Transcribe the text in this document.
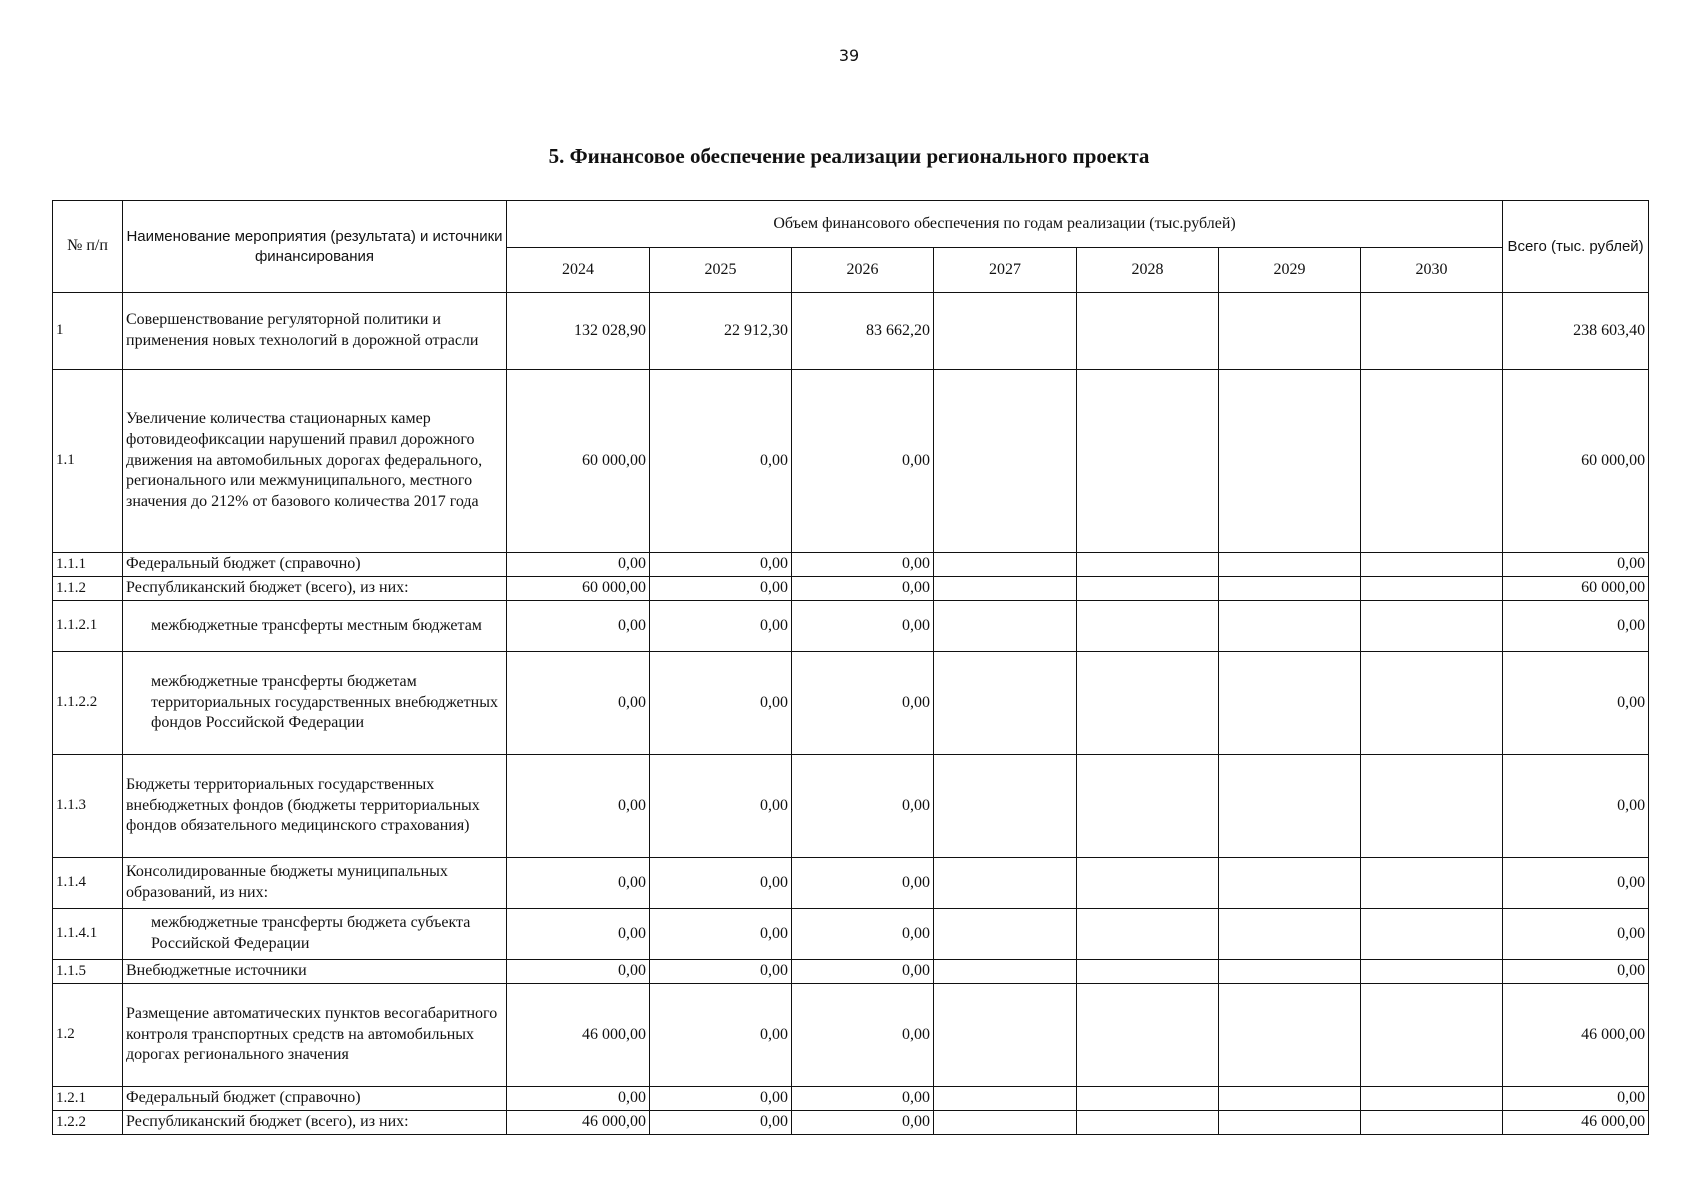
39
5. Финансовое обеспечение реализации регионального проекта
№ п/п	Наименование мероприятия (результата) и источники финансирования	Объем финансового обеспечения по годам реализации (тыс.рублей)							Всего (тыс. рублей)
		2024	2025	2026	2027	2028	2029	2030	
1	Совершенствование регуляторной политики и применения новых технологий в дорожной отрасли	132 028,90	22 912,30	83 662,20					238 603,40
1.1	Увеличение количества стационарных камер фотовидеофиксации нарушений правил дорожного движения на автомобильных дорогах федерального, регионального или межмуниципального, местного значения до 212% от базового количества 2017 года	60 000,00	0,00	0,00					60 000,00
1.1.1	Федеральный бюджет (справочно)	0,00	0,00	0,00					0,00
1.1.2	Республиканский бюджет (всего), из них:	60 000,00	0,00	0,00					60 000,00
1.1.2.1	межбюджетные трансферты местным бюджетам	0,00	0,00	0,00					0,00
1.1.2.2	межбюджетные трансферты бюджетам территориальных государственных внебюджетных фондов Российской Федерации	0,00	0,00	0,00					0,00
1.1.3	Бюджеты территориальных государственных внебюджетных фондов (бюджеты территориальных фондов обязательного медицинского страхования)	0,00	0,00	0,00					0,00
1.1.4	Консолидированные бюджеты муниципальных образований, из них:	0,00	0,00	0,00					0,00
1.1.4.1	межбюджетные трансферты бюджета субъекта Российской Федерации	0,00	0,00	0,00					0,00
1.1.5	Внебюджетные источники	0,00	0,00	0,00					0,00
1.2	Размещение автоматических пунктов весогабаритного контроля транспортных средств на автомобильных дорогах регионального значения	46 000,00	0,00	0,00					46 000,00
1.2.1	Федеральный бюджет (справочно)	0,00	0,00	0,00					0,00
1.2.2	Республиканский бюджет (всего), из них:	46 000,00	0,00	0,00					46 000,00
